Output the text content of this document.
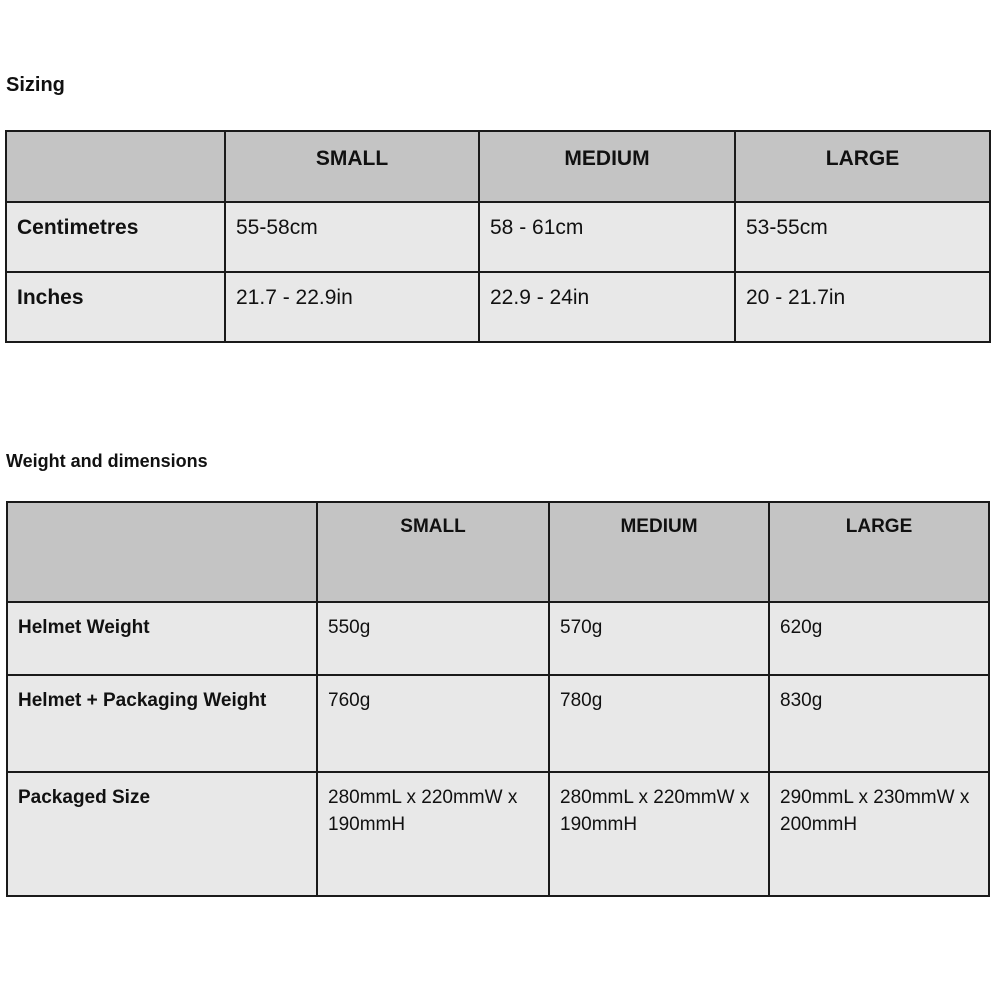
Sizing

	SMALL	MEDIUM	LARGE

Centimetres	55-58cm	58 - 61cm	53-55cm

Inches	21.7 - 22.9in	22.9 - 24in	20 - 21.7in
Weight and dimensions

	SMALL	MEDIUM	LARGE

Helmet Weight	550g	570g	620g

Helmet + Packaging Weight	760g	780g	830g

Packaged Size	280mmL x 220mmW x 190mmH	280mmL x 220mmW x 190mmH	290mmL x 230mmW x 200mmH
